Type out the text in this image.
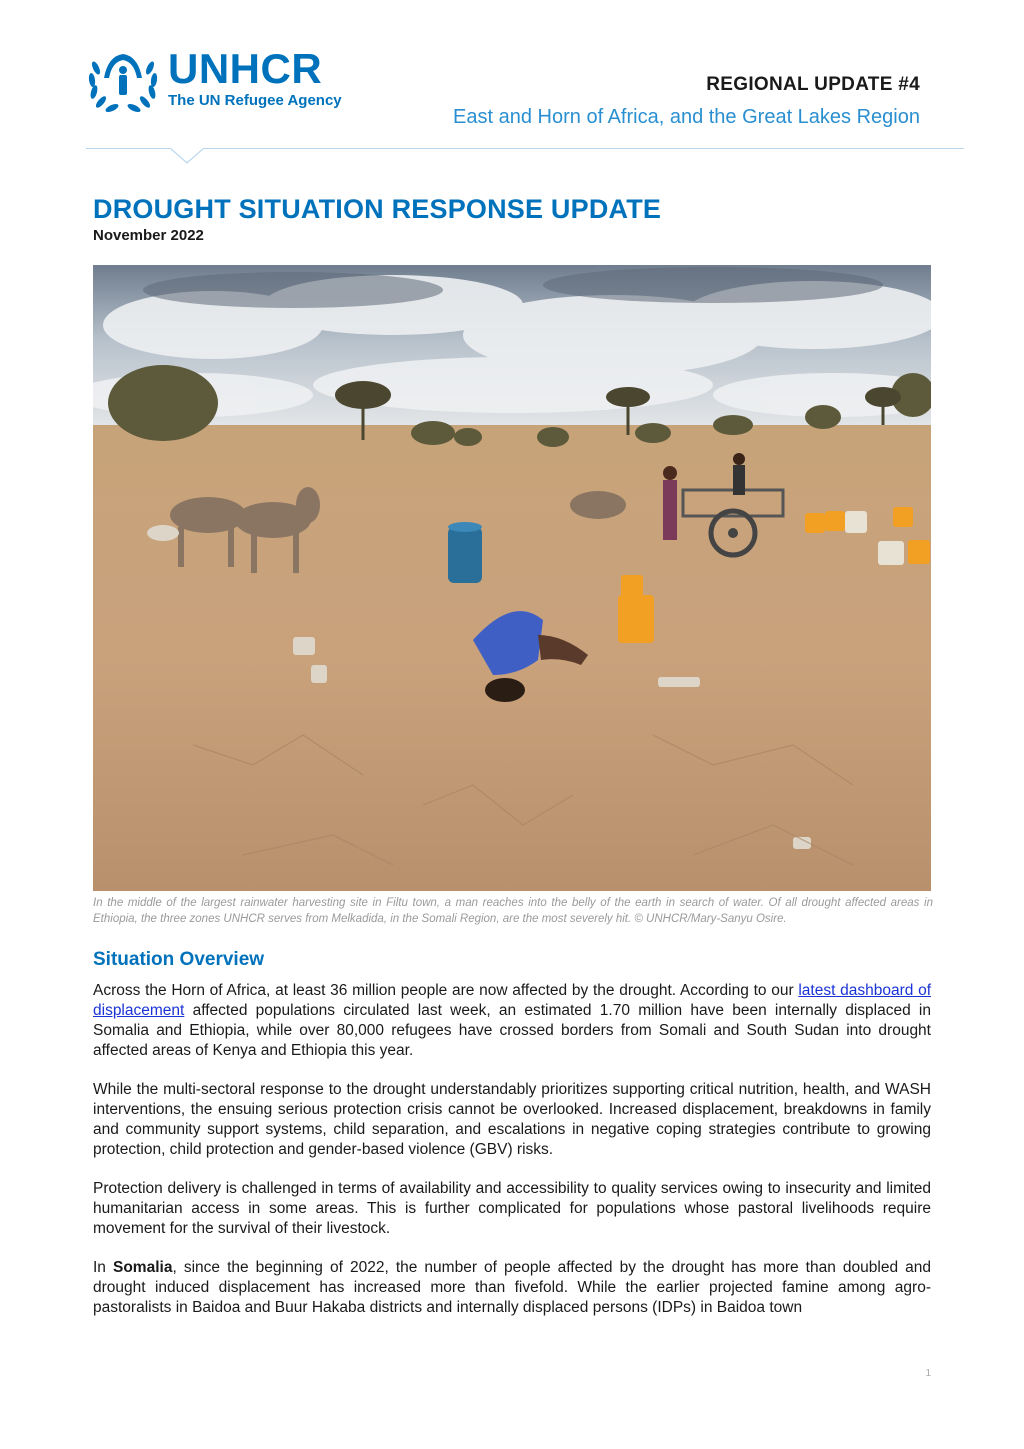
UNHCR
The UN Refugee Agency
REGIONAL UPDATE #4
East and Horn of Africa, and the Great Lakes Region
DROUGHT SITUATION RESPONSE UPDATE
November 2022
In the middle of the largest rainwater harvesting site in Filtu town, a man reaches into the belly of the earth in search of water. Of all drought affected areas in Ethiopia, the three zones UNHCR serves from Melkadida, in the Somali Region, are the most severely hit. © UNHCR/Mary-Sanyu Osire.
Situation Overview

Across the Horn of Africa, at least 36 million people are now affected by the drought. According to our latest dashboard of displacement affected populations circulated last week, an estimated 1.70 million have been internally displaced in Somalia and Ethiopia, while over 80,000 refugees have crossed borders from Somali and South Sudan into drought affected areas of Kenya and Ethiopia this year.

While the multi-sectoral response to the drought understandably prioritizes supporting critical nutrition, health, and WASH interventions, the ensuing serious protection crisis cannot be overlooked. Increased displacement, breakdowns in family and community support systems, child separation, and escalations in negative coping strategies contribute to growing protection, child protection and gender-based violence (GBV) risks.

Protection delivery is challenged in terms of availability and accessibility to quality services owing to insecurity and limited humanitarian access in some areas. This is further complicated for populations whose pastoral livelihoods require movement for the survival of their livestock.

In Somalia, since the beginning of 2022, the number of people affected by the drought has more than doubled and drought induced displacement has increased more than fivefold. While the earlier projected famine among agro-pastoralists in Baidoa and Buur Hakaba districts and internally displaced persons (IDPs) in Baidoa town

1
